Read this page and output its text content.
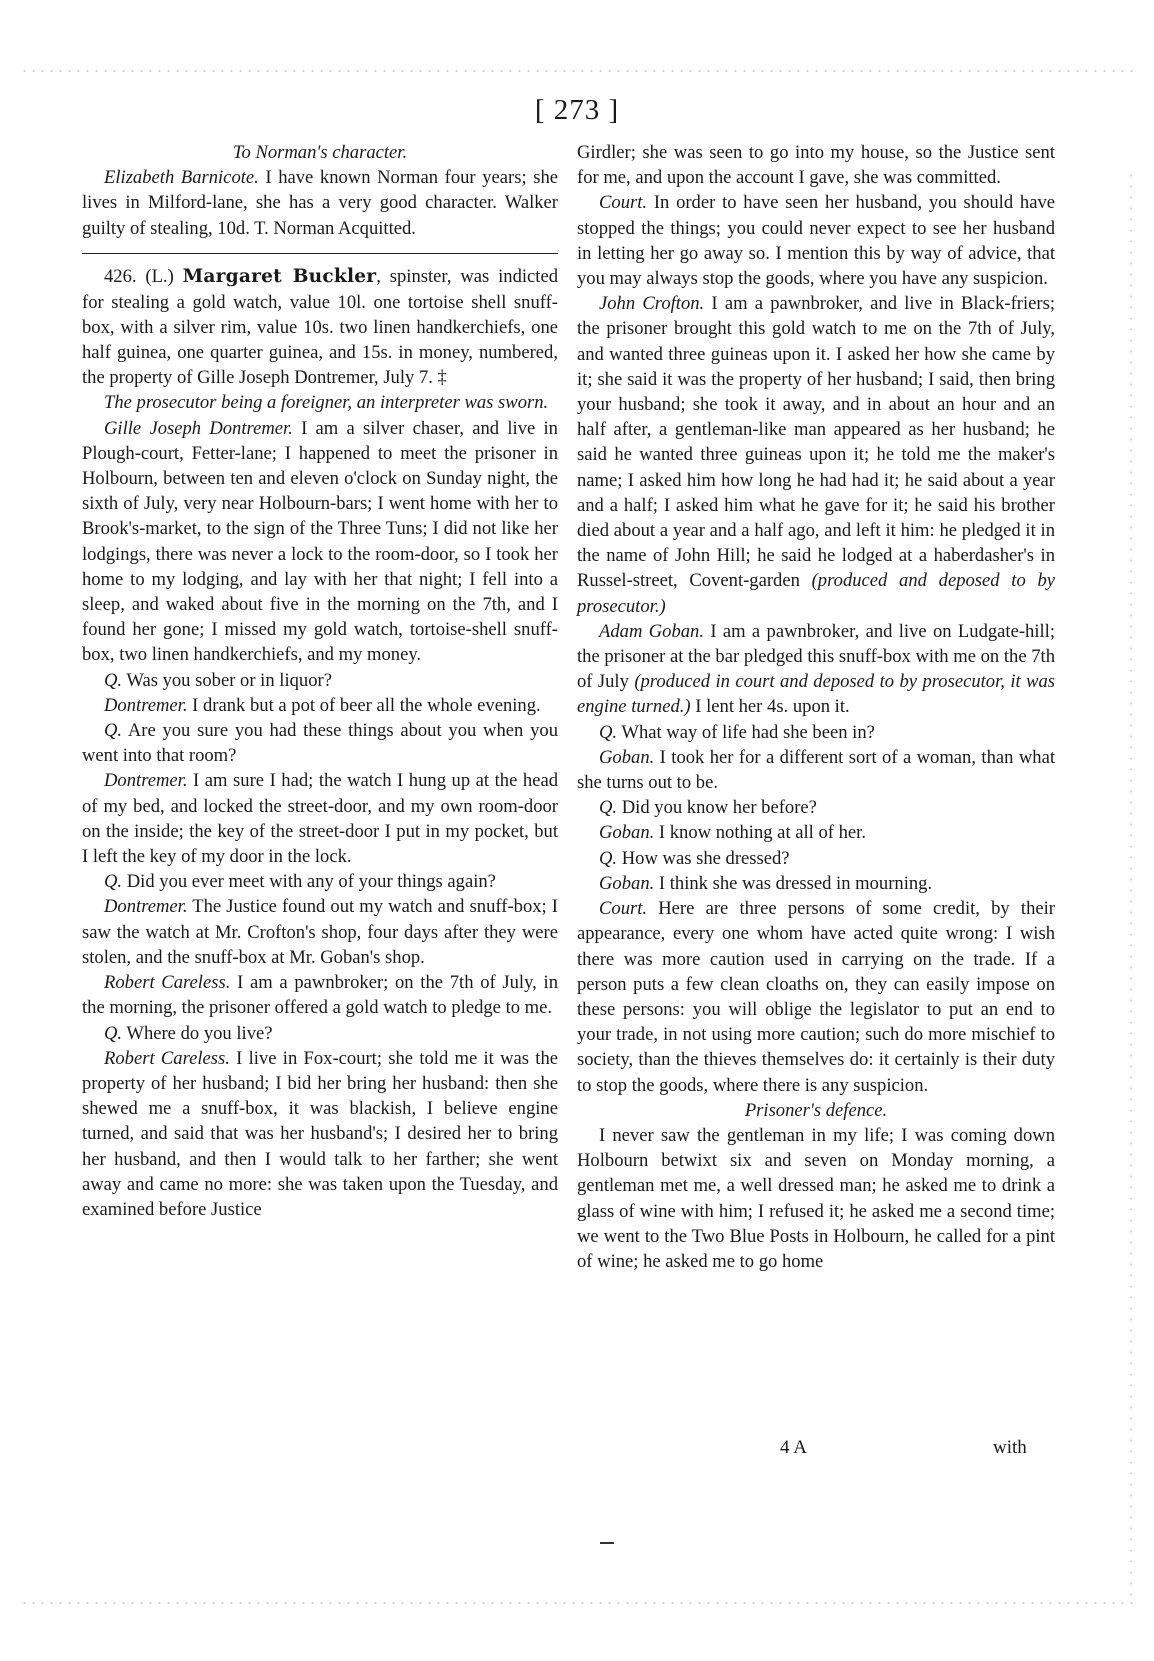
[ 273 ]

To Norman's character.

Elizabeth Barnicote. I have known Norman four years; she lives in Milford-lane, she has a very good character. Walker guilty of stealing, 10d. T. Norman Acquitted.

426. (L.) Margaret Buckler, spinster, was indicted for stealing a gold watch, value 10l. one tortoise shell snuff-box, with a silver rim, value 10s. two linen handkerchiefs, one half guinea, one quarter guinea, and 15s. in money, numbered, the property of Gille Joseph Dontremer, July 7. ‡

The prosecutor being a foreigner, an interpreter was sworn.

Gille Joseph Dontremer. I am a silver chaser, and live in Plough-court, Fetter-lane; I happened to meet the prisoner in Holbourn, between ten and eleven o'clock on Sunday night, the sixth of July, very near Holbourn-bars; I went home with her to Brook's-market, to the sign of the Three Tuns; I did not like her lodgings, there was never a lock to the room-door, so I took her home to my lodging, and lay with her that night; I fell into a sleep, and waked about five in the morning on the 7th, and I found her gone; I missed my gold watch, tortoise-shell snuff-box, two linen handkerchiefs, and my money.

Q. Was you sober or in liquor?

Dontremer. I drank but a pot of beer all the whole evening.

Q. Are you sure you had these things about you when you went into that room?

Dontremer. I am sure I had; the watch I hung up at the head of my bed, and locked the street-door, and my own room-door on the inside; the key of the street-door I put in my pocket, but I left the key of my door in the lock.

Q. Did you ever meet with any of your things again?

Dontremer. The Justice found out my watch and snuff-box; I saw the watch at Mr. Crofton's shop, four days after they were stolen, and the snuff-box at Mr. Goban's shop.

Robert Careless. I am a pawnbroker; on the 7th of July, in the morning, the prisoner offered a gold watch to pledge to me.

Q. Where do you live?

Robert Careless. I live in Fox-court; she told me it was the property of her husband; I bid her bring her husband: then she shewed me a snuff-box, it was blackish, I believe engine turned, and said that was her husband's; I desired her to bring her husband, and then I would talk to her farther; she went away and came no more: she was taken upon the Tuesday, and examined before Justice

Girdler; she was seen to go into my house, so the Justice sent for me, and upon the account I gave, she was committed.

Court. In order to have seen her husband, you should have stopped the things; you could never expect to see her husband in letting her go away so. I mention this by way of advice, that you may always stop the goods, where you have any suspicion.

John Crofton. I am a pawnbroker, and live in Black-friers; the prisoner brought this gold watch to me on the 7th of July, and wanted three guineas upon it. I asked her how she came by it; she said it was the property of her husband; I said, then bring your husband; she took it away, and in about an hour and an half after, a gentleman-like man appeared as her husband; he said he wanted three guineas upon it; he told me the maker's name; I asked him how long he had had it; he said about a year and a half; I asked him what he gave for it; he said his brother died about a year and a half ago, and left it him: he pledged it in the name of John Hill; he said he lodged at a haberdasher's in Russel-street, Covent-garden (produced and deposed to by prosecutor.)

Adam Goban. I am a pawnbroker, and live on Ludgate-hill; the prisoner at the bar pledged this snuff-box with me on the 7th of July (produced in court and deposed to by prosecutor, it was engine turned.) I lent her 4s. upon it.

Q. What way of life had she been in?

Goban. I took her for a different sort of a woman, than what she turns out to be.

Q. Did you know her before?

Goban. I know nothing at all of her.

Q. How was she dressed?

Goban. I think she was dressed in mourning.

Court. Here are three persons of some credit, by their appearance, every one whom have acted quite wrong: I wish there was more caution used in carrying on the trade. If a person puts a few clean cloaths on, they can easily impose on these persons: you will oblige the legislator to put an end to your trade, in not using more caution; such do more mischief to society, than the thieves themselves do: it certainly is their duty to stop the goods, where there is any suspicion.

Prisoner's defence.

I never saw the gentleman in my life; I was coming down Holbourn betwixt six and seven on Monday morning, a gentleman met me, a well dressed man; he asked me to drink a glass of wine with him; I refused it; he asked me a second time; we went to the Two Blue Posts in Holbourn, he called for a pint of wine; he asked me to go home

4 A	with
